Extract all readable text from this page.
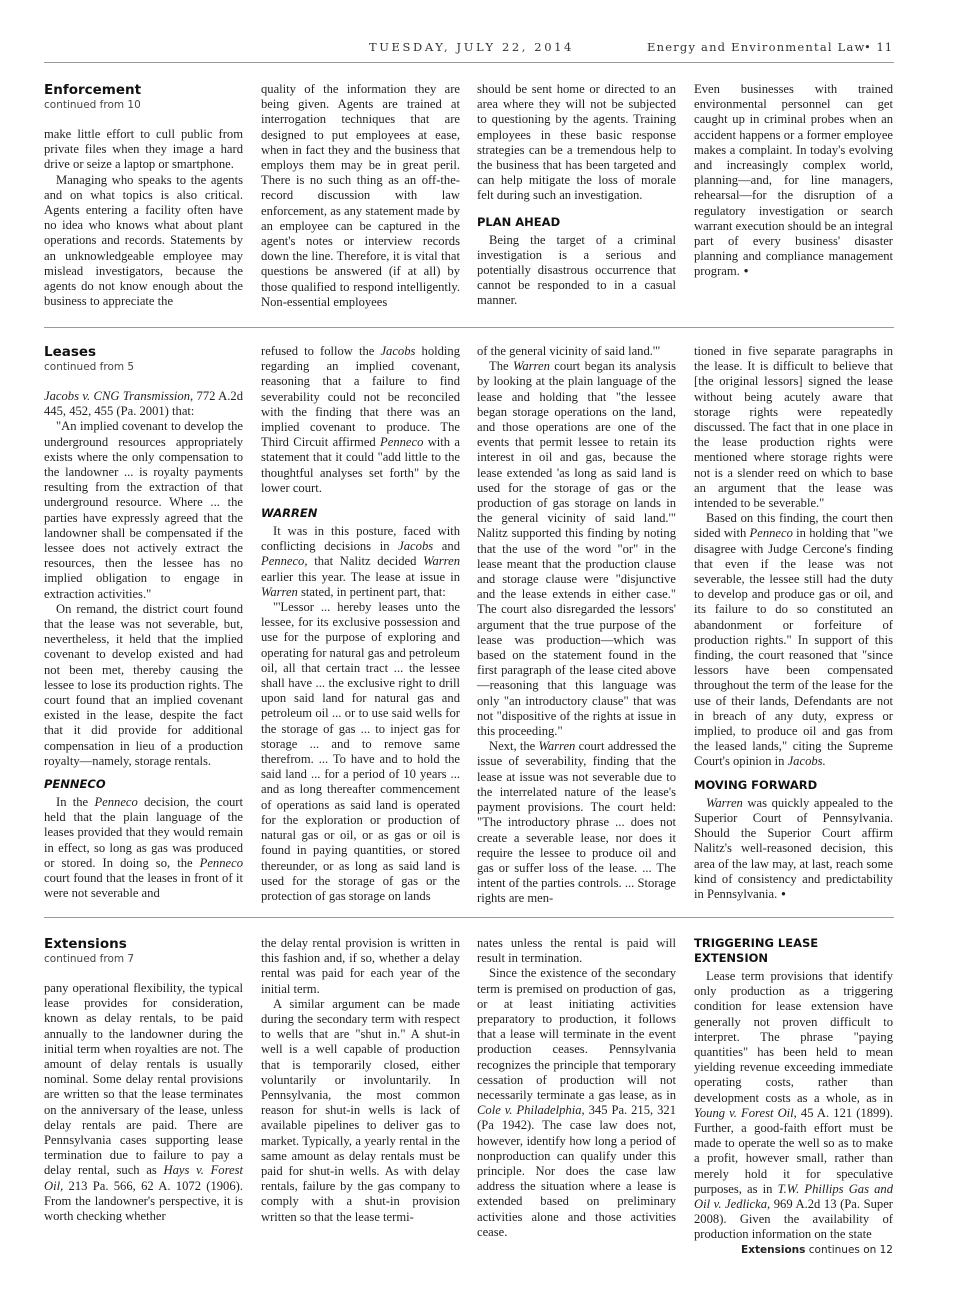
TUESDAY, JULY 22, 2014	Energy and Environmental Law
• 11

Enforcement

continued from 10

make little effort to cull public from private files when they image a hard drive or seize a laptop or smartphone.

Managing who speaks to the agents and on what topics is also critical. Agents entering a facility often have no idea who knows what about plant operations and records. Statements by an unknowledgeable employee may mislead investigators, because the agents do not know enough about the business to appreciate the

quality of the information they are being given. Agents are trained at interrogation techniques that are designed to put employees at ease, when in fact they and the business that employs them may be in great peril. There is no such thing as an off-the-record discussion with law enforcement, as any statement made by an employee can be captured in the agent's notes or interview records down the line. Therefore, it is vital that questions be answered (if at all) by those qualified to respond intelligently. Non-essential employees

should be sent home or directed to an area where they will not be subjected to questioning by the agents. Training employees in these basic response strategies can be a tremendous help to the business that has been targeted and can help mitigate the loss of morale felt during such an investigation.

PLAN AHEAD

Being the target of a criminal investigation is a serious and potentially disastrous occurrence that cannot be responded to in a casual manner.

Even businesses with trained environmental personnel can get caught up in criminal probes when an accident happens or a former employee makes a complaint. In today's evolving and increasingly complex world, planning—and, for line managers, rehearsal—for the disruption of a regulatory investigation or search warrant execution should be an integral part of every business' disaster planning and compliance management program. •

Leases

continued from 5

Jacobs v. CNG Transmission, 772 A.2d 445, 452, 455 (Pa. 2001) that:

"An implied covenant to develop the underground resources appropriately exists where the only compensation to the landowner ... is royalty payments resulting from the extraction of that underground resource. Where ... the parties have expressly agreed that the landowner shall be compensated if the lessee does not actively extract the resources, then the lessee has no implied obligation to engage in extraction activities."

On remand, the district court found that the lease was not severable, but, nevertheless, it held that the implied covenant to develop existed and had not been met, thereby causing the lessee to lose its production rights. The court found that an implied covenant existed in the lease, despite the fact that it did provide for additional compensation in lieu of a production royalty—namely, storage rentals.

PENNECO

In the Penneco decision, the court held that the plain language of the leases provided that they would remain in effect, so long as gas was produced or stored. In doing so, the Penneco court found that the leases in front of it were not severable and

refused to follow the Jacobs holding regarding an implied covenant, reasoning that a failure to find severability could not be reconciled with the finding that there was an implied covenant to produce. The Third Circuit affirmed Penneco with a statement that it could "add little to the thoughtful analyses set forth" by the lower court.

WARREN

It was in this posture, faced with conflicting decisions in Jacobs and Penneco, that Nalitz decided Warren earlier this year. The lease at issue in Warren stated, in pertinent part, that:

"'Lessor ... hereby leases unto the lessee, for its exclusive possession and use for the purpose of exploring and operating for natural gas and petroleum oil, all that certain tract ... the lessee shall have ... the exclusive right to drill upon said land for natural gas and petroleum oil ... or to use said wells for the storage of gas ... to inject gas for storage ... and to remove same therefrom. ... To have and to hold the said land ... for a period of 10 years ... and as long thereafter commencement of operations as said land is operated for the exploration or production of natural gas or oil, or as gas or oil is found in paying quantities, or stored thereunder, or as long as said land is used for the storage of gas or the protection of gas storage on lands

of the general vicinity of said land.'"

The Warren court began its analysis by looking at the plain language of the lease and holding that "the lessee began storage operations on the land, and those operations are one of the events that permit lessee to retain its interest in oil and gas, because the lease extended 'as long as said land is used for the storage of gas or the production of gas storage on lands in the general vicinity of said land.'" Nalitz supported this finding by noting that the use of the word "or" in the lease meant that the production clause and storage clause were "disjunctive and the lease extends in either case." The court also disregarded the lessors' argument that the true purpose of the lease was production—which was based on the statement found in the first paragraph of the lease cited above—reasoning that this language was only "an introductory clause" that was not "dispositive of the rights at issue in this proceeding."

Next, the Warren court addressed the issue of severability, finding that the lease at issue was not severable due to the interrelated nature of the lease's payment provisions. The court held: "The introductory phrase ... does not create a severable lease, nor does it require the lessee to produce oil and gas or suffer loss of the lease. ... The intent of the parties controls. ... Storage rights are men-

tioned in five separate paragraphs in the lease. It is difficult to believe that [the original lessors] signed the lease without being acutely aware that storage rights were repeatedly discussed. The fact that in one place in the lease production rights were mentioned where storage rights were not is a slender reed on which to base an argument that the lease was intended to be severable."

Based on this finding, the court then sided with Penneco in holding that "we disagree with Judge Cercone's finding that even if the lease was not severable, the lessee still had the duty to develop and produce gas or oil, and its failure to do so constituted an abandonment or forfeiture of production rights." In support of this finding, the court reasoned that "since lessors have been compensated throughout the term of the lease for the use of their lands, Defendants are not in breach of any duty, express or implied, to produce oil and gas from the leased lands," citing the Supreme Court's opinion in Jacobs.

MOVING FORWARD

Warren was quickly appealed to the Superior Court of Pennsylvania. Should the Superior Court affirm Nalitz's well-reasoned decision, this area of the law may, at last, reach some kind of consistency and predictability in Pennsylvania. •

Extensions

continued from 7

pany operational flexibility, the typical lease provides for consideration, known as delay rentals, to be paid annually to the landowner during the initial term when royalties are not. The amount of delay rentals is usually nominal. Some delay rental provisions are written so that the lease terminates on the anniversary of the lease, unless delay rentals are paid. There are Pennsylvania cases supporting lease termination due to failure to pay a delay rental, such as Hays v. Forest Oil, 213 Pa. 566, 62 A. 1072 (1906). From the landowner's perspective, it is worth checking whether

the delay rental provision is written in this fashion and, if so, whether a delay rental was paid for each year of the initial term.

A similar argument can be made during the secondary term with respect to wells that are "shut in." A shut-in well is a well capable of production that is temporarily closed, either voluntarily or involuntarily. In Pennsylvania, the most common reason for shut-in wells is lack of available pipelines to deliver gas to market. Typically, a yearly rental in the same amount as delay rentals must be paid for shut-in wells. As with delay rentals, failure by the gas company to comply with a shut-in provision written so that the lease termi-

nates unless the rental is paid will result in termination.

Since the existence of the secondary term is premised on production of gas, or at least initiating activities preparatory to production, it follows that a lease will terminate in the event production ceases. Pennsylvania recognizes the principle that temporary cessation of production will not necessarily terminate a gas lease, as in Cole v. Philadelphia, 345 Pa. 215, 321 (Pa 1942). The case law does not, however, identify how long a period of nonproduction can qualify under this principle. Nor does the case law address the situation where a lease is extended based on preliminary activities alone and those activities cease.

TRIGGERING LEASE EXTENSION

Lease term provisions that identify only production as a triggering condition for lease extension have generally not proven difficult to interpret. The phrase "paying quantities" has been held to mean yielding revenue exceeding immediate operating costs, rather than development costs as a whole, as in Young v. Forest Oil, 45 A. 121 (1899). Further, a good-faith effort must be made to operate the well so as to make a profit, however small, rather than merely hold it for speculative purposes, as in T.W. Phillips Gas and Oil v. Jedlicka, 969 A.2d 13 (Pa. Super 2008). Given the availability of production information on the state

Extensions continues on 12
